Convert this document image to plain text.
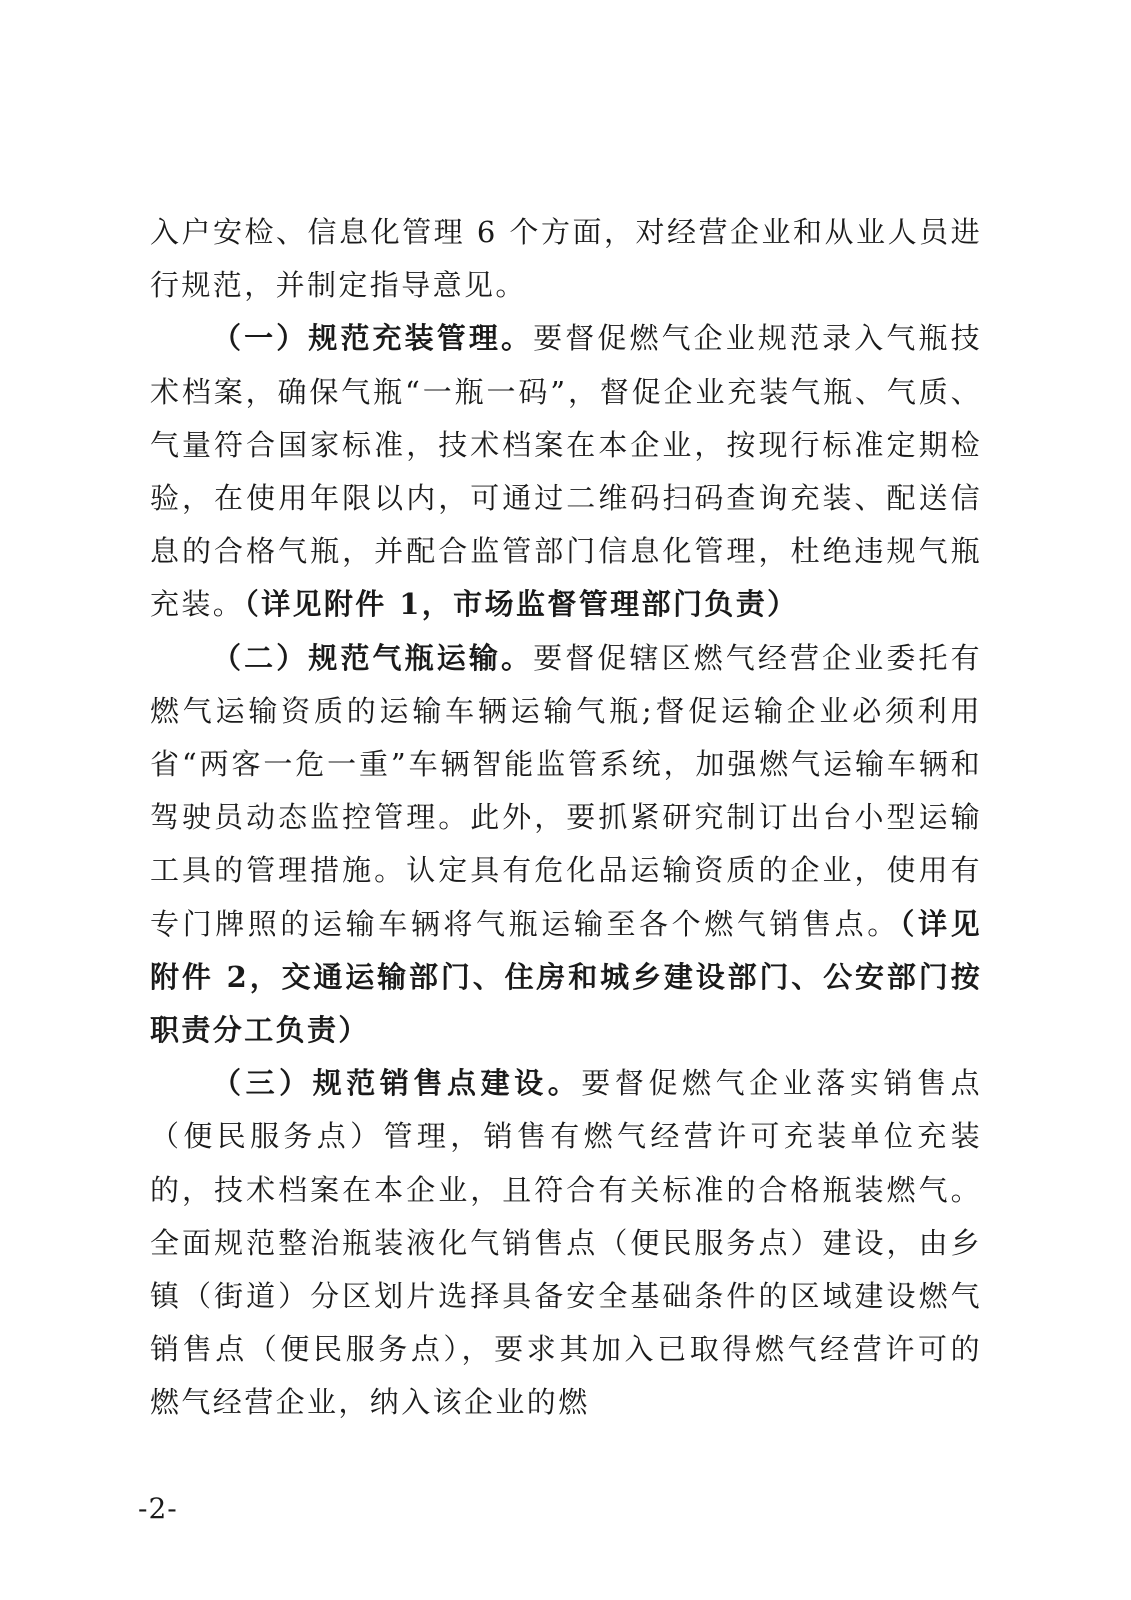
入户安检、信息化管理 6 个方面，对经营企业和从业人员进行规范，并制定指导意见。

（一）规范充装管理。要督促燃气企业规范录入气瓶技术档案，确保气瓶“一瓶一码”，督促企业充装气瓶、气质、气量符合国家标准，技术档案在本企业，按现行标准定期检验，在使用年限以内，可通过二维码扫码查询充装、配送信息的合格气瓶，并配合监管部门信息化管理，杜绝违规气瓶充装。（详见附件 1，市场监督管理部门负责）

（二）规范气瓶运输。要督促辖区燃气经营企业委托有燃气运输资质的运输车辆运输气瓶;督促运输企业必须利用省“两客一危一重”车辆智能监管系统，加强燃气运输车辆和驾驶员动态监控管理。此外，要抓紧研究制订出台小型运输工具的管理措施。认定具有危化品运输资质的企业，使用有专门牌照的运输车辆将气瓶运输至各个燃气销售点。（详见附件 2，交通运输部门、住房和城乡建设部门、公安部门按职责分工负责）

（三）规范销售点建设。要督促燃气企业落实销售点（便民服务点）管理，销售有燃气经营许可充装单位充装的，技术档案在本企业，且符合有关标准的合格瓶装燃气。全面规范整治瓶装液化气销售点（便民服务点）建设，由乡镇（街道）分区划片选择具备安全基础条件的区域建设燃气销售点（便民服务点），要求其加入已取得燃气经营许可的燃气经营企业，纳入该企业的燃

-2-
